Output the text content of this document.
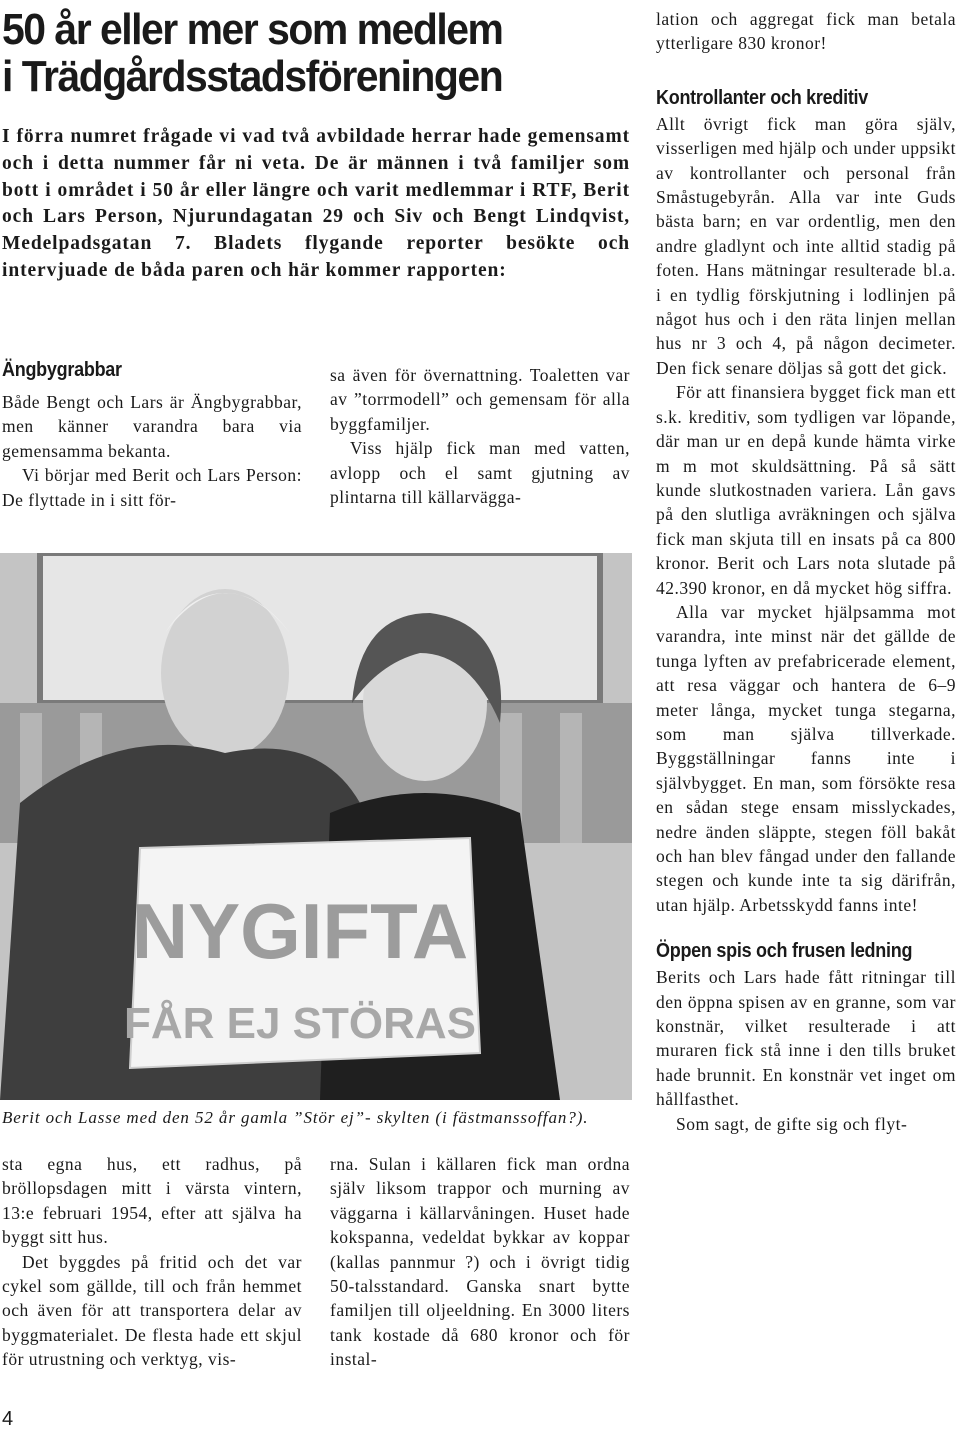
50 år eller mer som medlem
i Trädgårdsstadsföreningen

I förra numret frågade vi vad två avbildade herrar hade gemensamt och i detta nummer får ni veta. De är männen i två familjer som bott i området i 50 år eller längre och varit medlemmar i RTF, Berit och Lars Person, Njurundagatan 29 och Siv och Bengt Lindqvist, Medelpadsgatan 7. Bladets flygande reporter besökte och intervjuade de båda paren och här kommer rapporten:

Ängbygrabbar

Både Bengt och Lars är Ängbygrabbar, men känner varandra bara via gemensamma bekanta.

Vi börjar med Berit och Lars Person: De flyttade in i sitt för-

sa även för övernattning. Toaletten var av ”torrmodell” och gemensam för alla byggfamiljer.

Viss hjälp fick man med vatten, avlopp och el samt gjutning av plintarna till källarvägga-

NYGIFTA
FÅR EJ STÖRAS
Berit och Lasse med den 52 år gamla ”Stör ej”- skylten (i fästmanssoffan?).

sta egna hus, ett radhus, på bröllopsdagen mitt i värsta vintern, 13:e februari 1954, efter att själva ha byggt sitt hus.

Det byggdes på fritid och det var cykel som gällde, till och från hemmet och även för att transportera delar av byggmaterialet. De flesta hade ett skjul för utrustning och verktyg, vis-

rna. Sulan i källaren fick man ordna själv liksom trappor och murning av väggarna i källarvåningen. Huset hade kokspanna, vedeldat bykkar av koppar (kallas pannmur ?) och i övrigt tidig 50-talsstandard. Ganska snart bytte familjen till oljeeldning. En 3000 liters tank kostade då 680 kronor och för instal-

lation och aggregat fick man betala ytterligare 830 kronor!

Kontrollanter och kreditiv

Allt övrigt fick man göra själv, visserligen med hjälp och under uppsikt av kontrollanter och personal från Småstugebyrån. Alla var inte Guds bästa barn; en var ordentlig, men den andre gladlynt och inte alltid stadig på foten. Hans mätningar resulterade bl.a. i en tydlig förskjutning i lodlinjen på något hus och i den räta linjen mellan hus nr 3 och 4, på någon decimeter. Den fick senare döljas så gott det gick.

För att finansiera bygget fick man ett s.k. kreditiv, som tydligen var löpande, där man ur en depå kunde hämta virke m m mot skuldsättning. På så sätt kunde slutkostnaden variera. Lån gavs på den slutliga avräkningen och själva fick man skjuta till en insats på ca 800 kronor. Berit och Lars nota slutade på 42.390 kronor, en då mycket hög siffra.

Alla var mycket hjälpsamma mot varandra, inte minst när det gällde de tunga lyften av prefabricerade element, att resa väggar och hantera de 6–9 meter långa, mycket tunga stegarna, som man själva tillverkade. Byggställningar fanns inte i självbygget. En man, som försökte resa en sådan stege ensam misslyckades, nedre änden släppte, stegen föll bakåt och han blev fångad under den fallande stegen och kunde inte ta sig därifrån, utan hjälp. Arbetsskydd fanns inte!

Öppen spis och frusen ledning

Berits och Lars hade fått ritningar till den öppna spisen av en granne, som var konstnär, vilket resulterade i att muraren fick stå inne i den tills bruket hade brunnit. En konstnär vet inget om hållfasthet.

Som sagt, de gifte sig och flyt-

4
